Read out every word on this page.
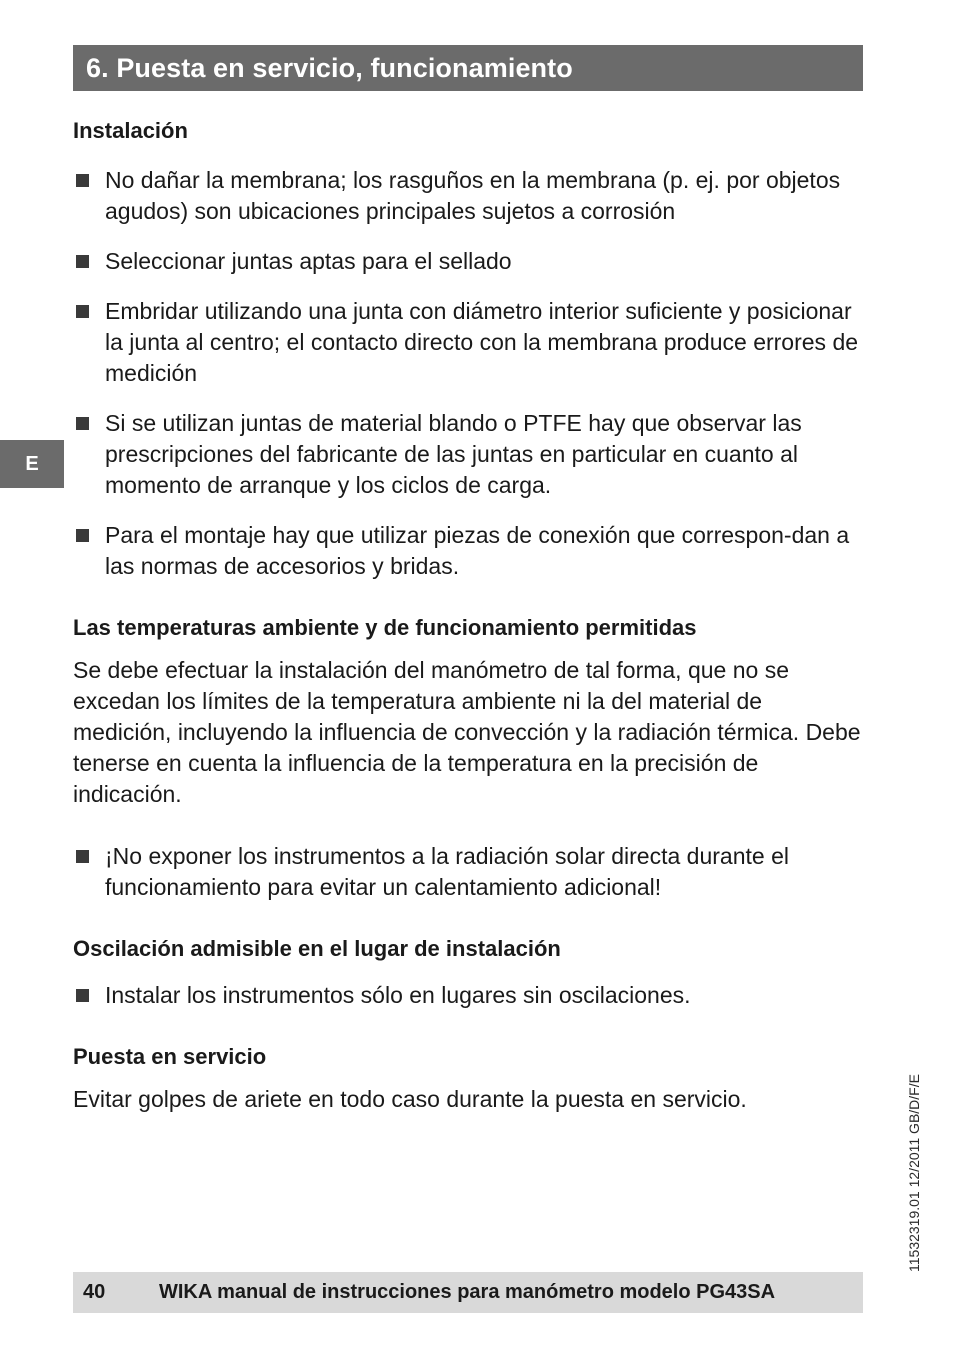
6. Puesta en servicio, funcionamiento
E

Instalación

No dañar la membrana; los rasguños en la membrana (p. ej. por objetos agudos) son ubicaciones principales sujetos a corrosión
Seleccionar juntas aptas para el sellado
Embridar utilizando una junta con diámetro interior suficiente y posicionar la junta al centro; el contacto directo con la membrana produce errores de medición
Si se utilizan juntas de material blando o PTFE hay que observar las prescripciones del fabricante de las juntas en particular en cuanto al momento de arranque y los ciclos de carga.
Para el montaje hay que utilizar piezas de conexión que correspon-dan a las normas de accesorios y bridas.

Las temperaturas ambiente y de funcionamiento permitidas

Se debe efectuar la instalación del manómetro de tal forma, que no se excedan los límites de la temperatura ambiente ni la del material de medición, incluyendo la influencia de convección y la radiación térmica. Debe tenerse en cuenta la influencia de la temperatura en la precisión de indicación.

¡No exponer los instrumentos a la radiación solar directa durante el funcionamiento para evitar un calentamiento adicional!

Oscilación admisible en el lugar de instalación

Instalar los instrumentos sólo en lugares sin oscilaciones.

Puesta en servicio

Evitar golpes de ariete en todo caso durante la puesta en servicio.	11532319.01 12/2011 GB/D/F/E
40	WIKA manual de instrucciones para manómetro modelo PG43SA
